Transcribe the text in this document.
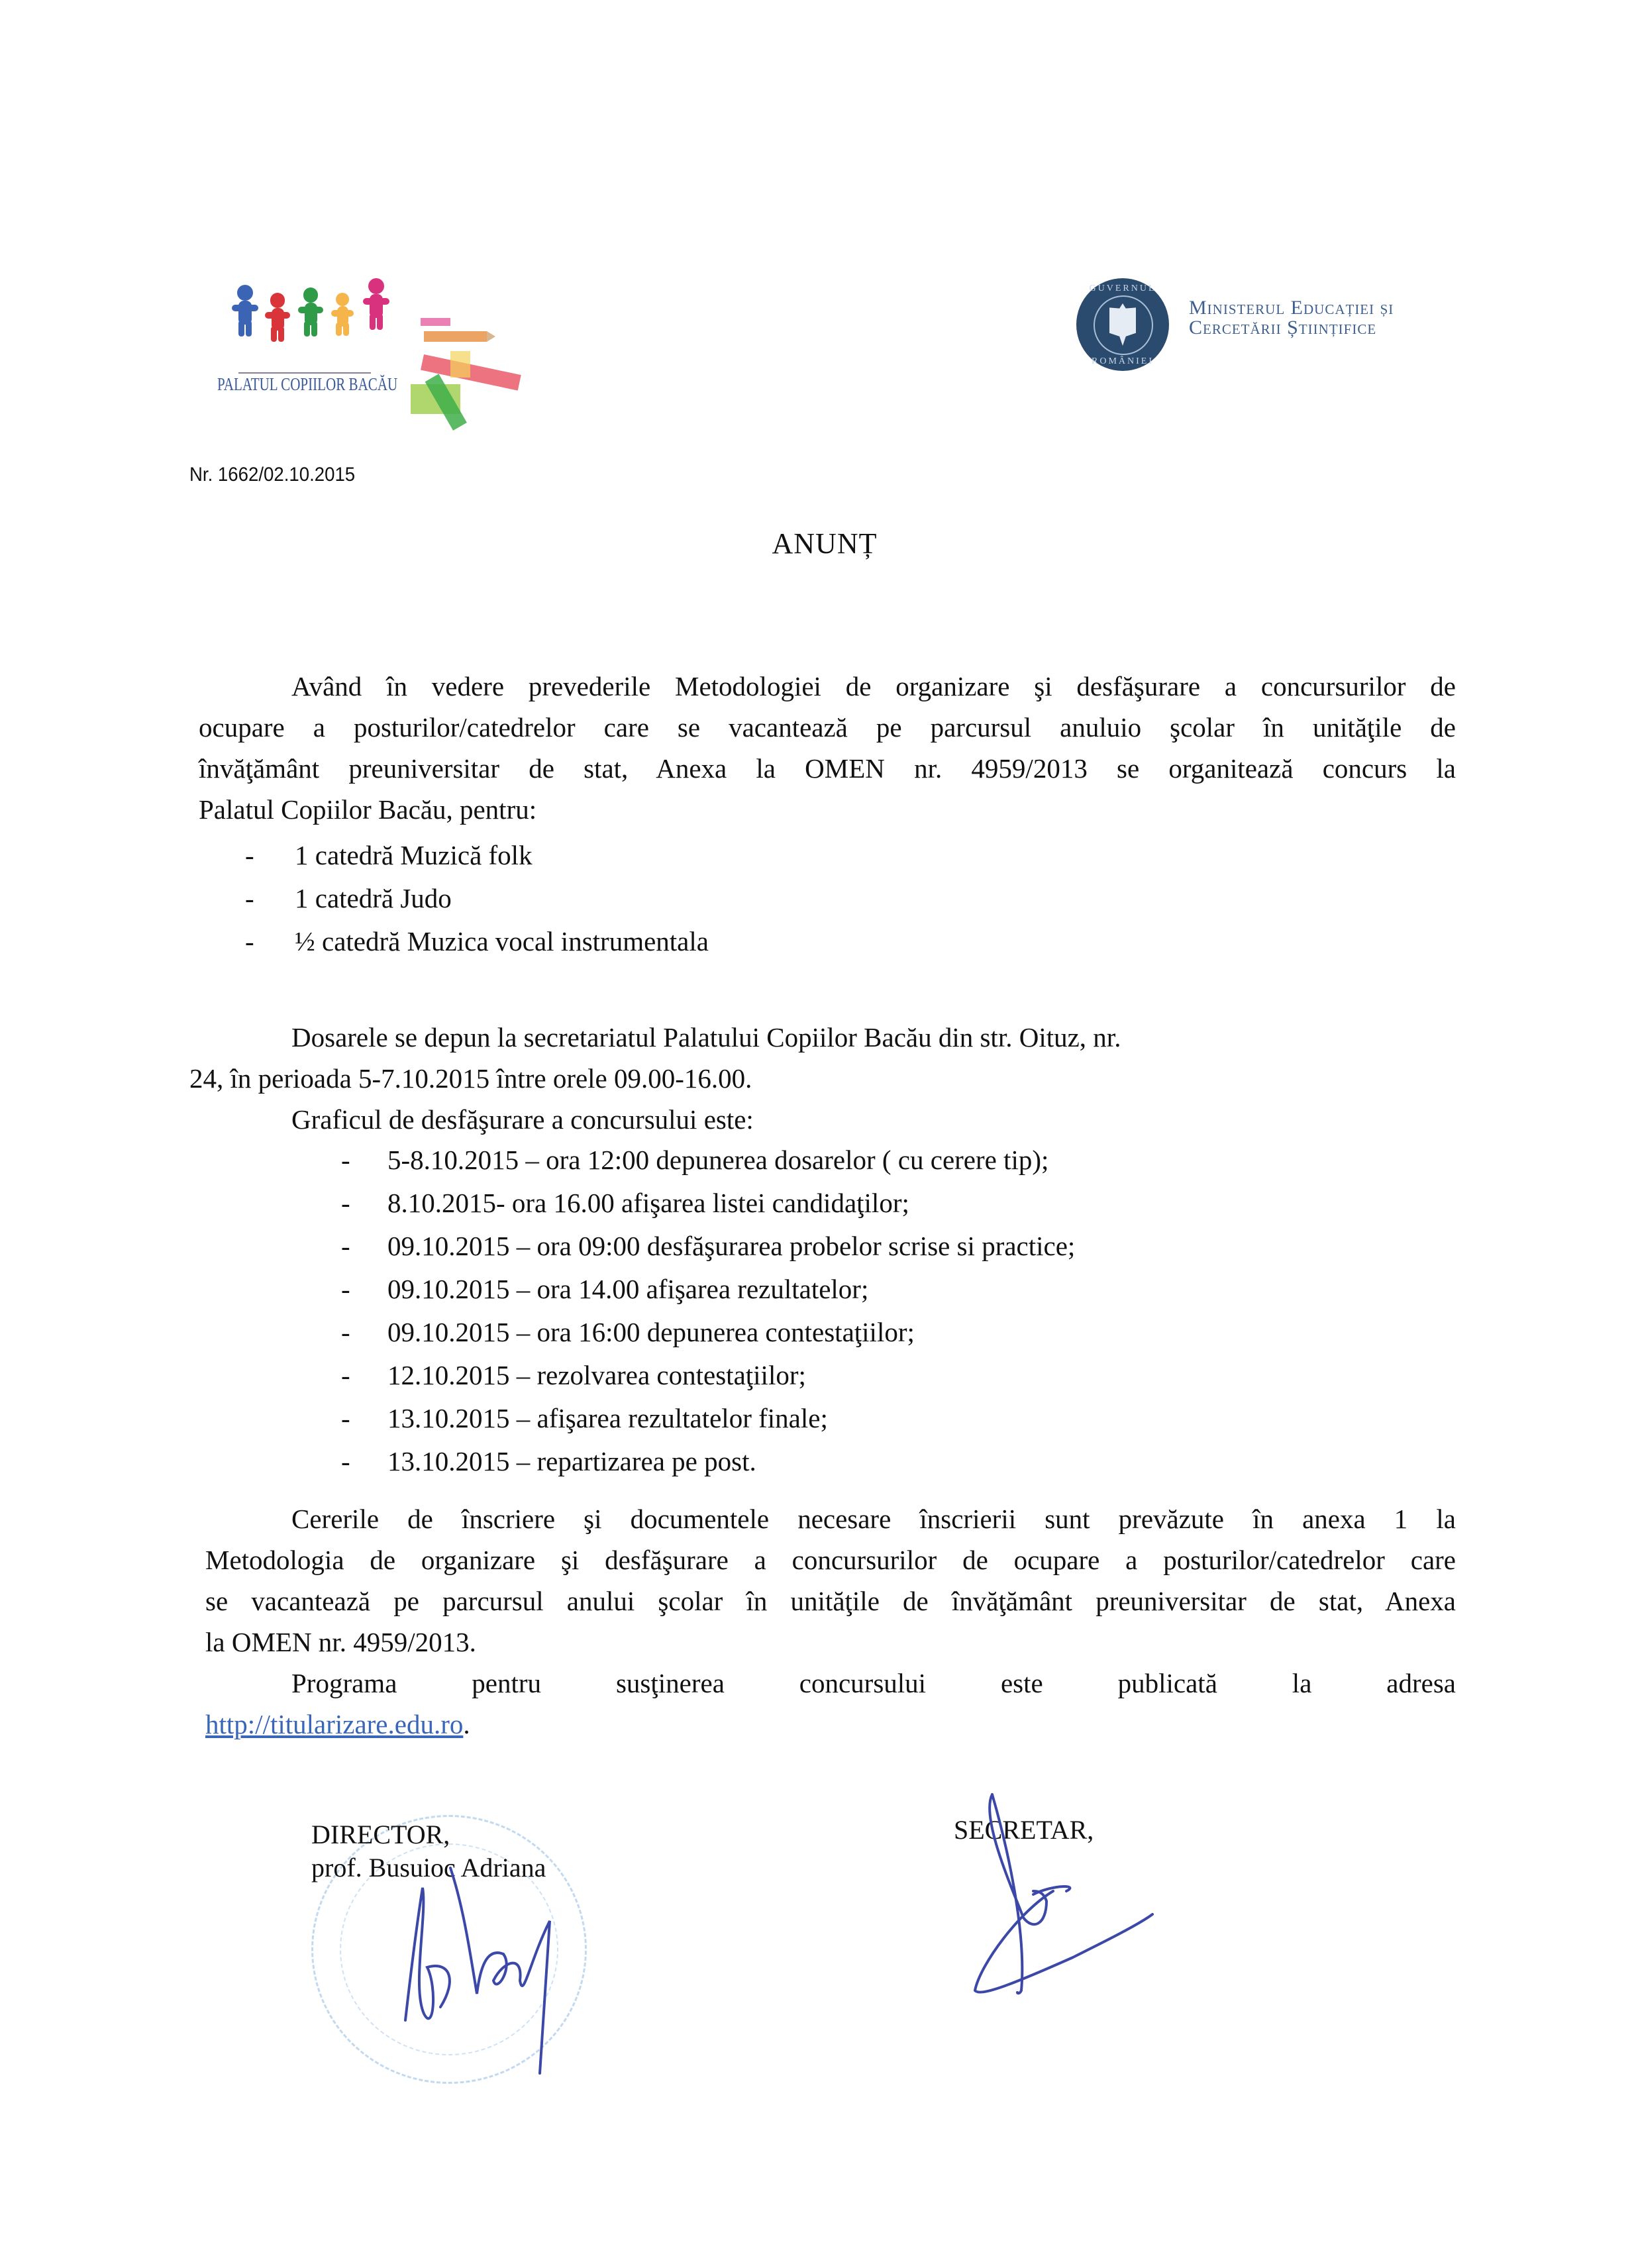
PALATUL COPIILOR BACĂU
GUVERNUL
ROMÂNIEI
Ministerul Educației și
Cercetării Științifice
Nr. 1662/02.10.2015
ANUNȚ
Având în vedere prevederile Metodologiei de organizare şi desfăşurare a concursurilor de
ocupare a posturilor/catedrelor care se vacantează pe parcursul anuluio şcolar în unităţile de
învăţământ preuniversitar de stat, Anexa la OMEN nr. 4959/2013 se organitează concurs la
Palatul Copiilor Bacău, pentru:
- 1 catedră Muzică folk
- 1 catedră Judo
- ½ catedră Muzica vocal instrumentala
Dosarele se depun la secretariatul Palatului Copiilor Bacău din str. Oituz, nr.
24, în perioada 5-7.10.2015 între orele 09.00-16.00.
Graficul de desfăşurare a concursului este:
- 5-8.10.2015 – ora 12:00 depunerea dosarelor ( cu cerere tip);
- 8.10.2015- ora 16.00 afişarea listei candidaţilor;
- 09.10.2015 – ora 09:00 desfăşurarea probelor scrise si practice;
- 09.10.2015 – ora 14.00 afişarea rezultatelor;
- 09.10.2015 – ora 16:00 depunerea contestaţiilor;
- 12.10.2015 – rezolvarea contestaţiilor;
- 13.10.2015 – afişarea rezultatelor finale;
- 13.10.2015 – repartizarea pe post.
Cererile de înscriere şi documentele necesare înscrierii sunt prevăzute în anexa 1 la
Metodologia de organizare şi desfăşurare a concursurilor de ocupare a posturilor/catedrelor care
se vacantează pe parcursul anului şcolar în unităţile de învăţământ preuniversitar de stat, Anexa
la OMEN nr. 4959/2013.
Programa pentru susţinerea concursului este publicată la adresa
http://titularizare.edu.ro.
DIRECTOR,
prof. Busuioc Adriana
SECRETAR,
